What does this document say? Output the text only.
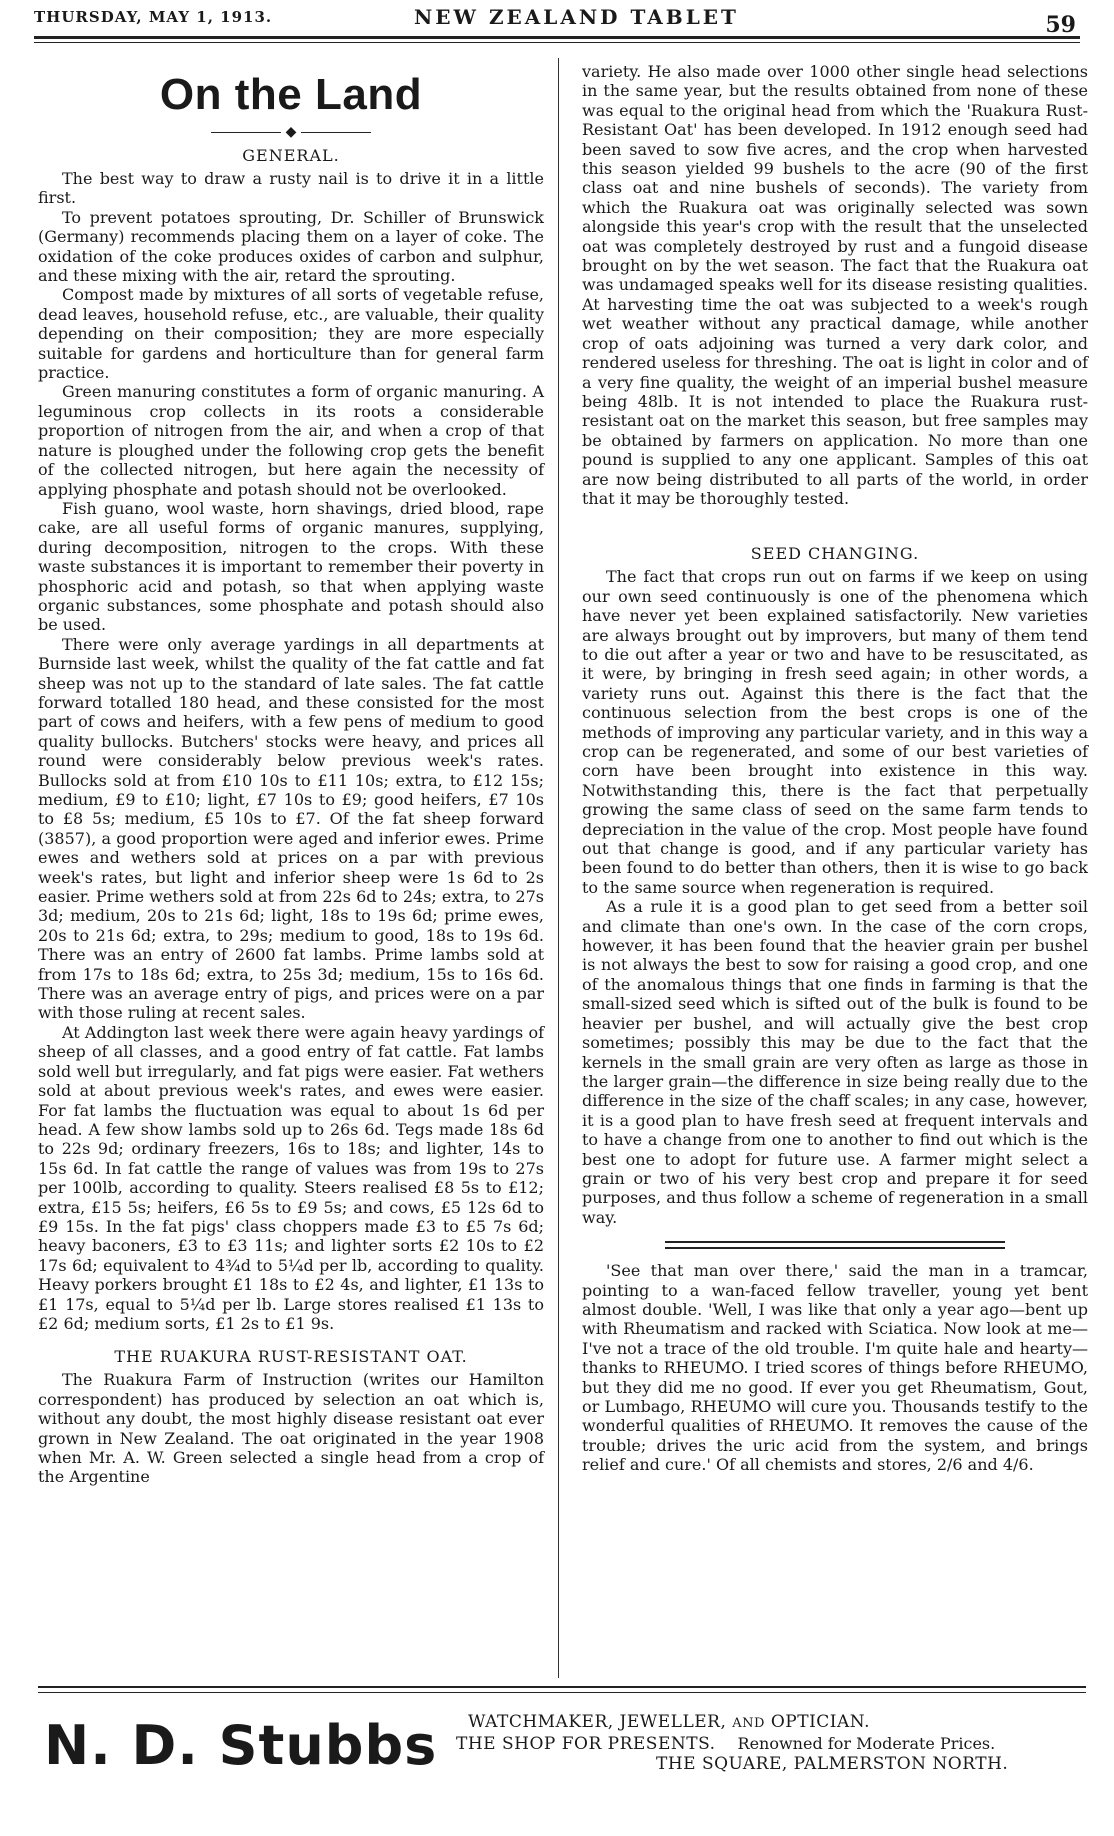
THURSDAY, MAY 1, 1913.	NEW ZEALAND TABLET	59
On the Land
◆
GENERAL.

The best way to draw a rusty nail is to drive it in a little first.

To prevent potatoes sprouting, Dr. Schiller of Brunswick (Germany) recommends placing them on a layer of coke. The oxidation of the coke produces oxides of carbon and sulphur, and these mixing with the air, retard the sprouting.

Compost made by mixtures of all sorts of vegetable refuse, dead leaves, household refuse, etc., are valuable, their quality depending on their composition; they are more especially suitable for gardens and horticulture than for general farm practice.

Green manuring constitutes a form of organic manuring. A leguminous crop collects in its roots a considerable proportion of nitrogen from the air, and when a crop of that nature is ploughed under the following crop gets the benefit of the collected nitrogen, but here again the necessity of applying phosphate and potash should not be overlooked.

Fish guano, wool waste, horn shavings, dried blood, rape cake, are all useful forms of organic manures, supplying, during decomposition, nitrogen to the crops. With these waste substances it is important to remember their poverty in phosphoric acid and potash, so that when applying waste organic substances, some phosphate and potash should also be used.

There were only average yardings in all departments at Burnside last week, whilst the quality of the fat cattle and fat sheep was not up to the standard of late sales. The fat cattle forward totalled 180 head, and these consisted for the most part of cows and heifers, with a few pens of medium to good quality bullocks. Butchers' stocks were heavy, and prices all round were considerably below previous week's rates. Bullocks sold at from £10 10s to £11 10s; extra, to £12 15s; medium, £9 to £10; light, £7 10s to £9; good heifers, £7 10s to £8 5s; medium, £5 10s to £7. Of the fat sheep forward (3857), a good proportion were aged and inferior ewes. Prime ewes and wethers sold at prices on a par with previous week's rates, but light and inferior sheep were 1s 6d to 2s easier. Prime wethers sold at from 22s 6d to 24s; extra, to 27s 3d; medium, 20s to 21s 6d; light, 18s to 19s 6d; prime ewes, 20s to 21s 6d; extra, to 29s; medium to good, 18s to 19s 6d. There was an entry of 2600 fat lambs. Prime lambs sold at from 17s to 18s 6d; extra, to 25s 3d; medium, 15s to 16s 6d. There was an average entry of pigs, and prices were on a par with those ruling at recent sales.

At Addington last week there were again heavy yardings of sheep of all classes, and a good entry of fat cattle. Fat lambs sold well but irregularly, and fat pigs were easier. Fat wethers sold at about previous week's rates, and ewes were easier. For fat lambs the fluctuation was equal to about 1s 6d per head. A few show lambs sold up to 26s 6d. Tegs made 18s 6d to 22s 9d; ordinary freezers, 16s to 18s; and lighter, 14s to 15s 6d. In fat cattle the range of values was from 19s to 27s per 100lb, according to quality. Steers realised £8 5s to £12; extra, £15 5s; heifers, £6 5s to £9 5s; and cows, £5 12s 6d to £9 15s. In the fat pigs' class choppers made £3 to £5 7s 6d; heavy baconers, £3 to £3 11s; and lighter sorts £2 10s to £2 17s 6d; equivalent to 4¾d to 5¼d per lb, according to quality. Heavy porkers brought £1 18s to £2 4s, and lighter, £1 13s to £1 17s, equal to 5¼d per lb. Large stores realised £1 13s to £2 6d; medium sorts, £1 2s to £1 9s.

THE RUAKURA RUST-RESISTANT OAT.

The Ruakura Farm of Instruction (writes our Hamilton correspondent) has produced by selection an oat which is, without any doubt, the most highly disease resistant oat ever grown in New Zealand. The oat originated in the year 1908 when Mr. A. W. Green selected a single head from a crop of the Argentine

variety. He also made over 1000 other single head selections in the same year, but the results obtained from none of these was equal to the original head from which the 'Ruakura Rust-Resistant Oat' has been developed. In 1912 enough seed had been saved to sow five acres, and the crop when harvested this season yielded 99 bushels to the acre (90 of the first class oat and nine bushels of seconds). The variety from which the Ruakura oat was originally selected was sown alongside this year's crop with the result that the unselected oat was completely destroyed by rust and a fungoid disease brought on by the wet season. The fact that the Ruakura oat was undamaged speaks well for its disease resisting qualities. At harvesting time the oat was subjected to a week's rough wet weather without any practical damage, while another crop of oats adjoining was turned a very dark color, and rendered useless for threshing. The oat is light in color and of a very fine quality, the weight of an imperial bushel measure being 48lb. It is not intended to place the Ruakura rust-resistant oat on the market this season, but free samples may be obtained by farmers on application. No more than one pound is supplied to any one applicant. Samples of this oat are now being distributed to all parts of the world, in order that it may be thoroughly tested.

SEED CHANGING.

The fact that crops run out on farms if we keep on using our own seed continuously is one of the phenomena which have never yet been explained satisfactorily. New varieties are always brought out by improvers, but many of them tend to die out after a year or two and have to be resuscitated, as it were, by bringing in fresh seed again; in other words, a variety runs out. Against this there is the fact that the continuous selection from the best crops is one of the methods of improving any particular variety, and in this way a crop can be regenerated, and some of our best varieties of corn have been brought into existence in this way. Notwithstanding this, there is the fact that perpetually growing the same class of seed on the same farm tends to depreciation in the value of the crop. Most people have found out that change is good, and if any particular variety has been found to do better than others, then it is wise to go back to the same source when regeneration is required.

As a rule it is a good plan to get seed from a better soil and climate than one's own. In the case of the corn crops, however, it has been found that the heavier grain per bushel is not always the best to sow for raising a good crop, and one of the anomalous things that one finds in farming is that the small-sized seed which is sifted out of the bulk is found to be heavier per bushel, and will actually give the best crop sometimes; possibly this may be due to the fact that the kernels in the small grain are very often as large as those in the larger grain—the difference in size being really due to the difference in the size of the chaff scales; in any case, however, it is a good plan to have fresh seed at frequent intervals and to have a change from one to another to find out which is the best one to adopt for future use. A farmer might select a grain or two of his very best crop and prepare it for seed purposes, and thus follow a scheme of regeneration in a small way.

'See that man over there,' said the man in a tramcar, pointing to a wan-faced fellow traveller, young yet bent almost double. 'Well, I was like that only a year ago—bent up with Rheumatism and racked with Sciatica. Now look at me—I've not a trace of the old trouble. I'm quite hale and hearty—thanks to RHEUMO. I tried scores of things before RHEUMO, but they did me no good. If ever you get Rheumatism, Gout, or Lumbago, RHEUMO will cure you. Thousands testify to the wonderful qualities of RHEUMO. It removes the cause of the trouble; drives the uric acid from the system, and brings relief and cure.' Of all chemists and stores, 2/6 and 4/6.

N. D. Stubbs	WATCHMAKER, JEWELLER, AND OPTICIAN.
THE SHOP FOR PRESENTS. Renowned for Moderate Prices.
THE SQUARE, PALMERSTON NORTH.
